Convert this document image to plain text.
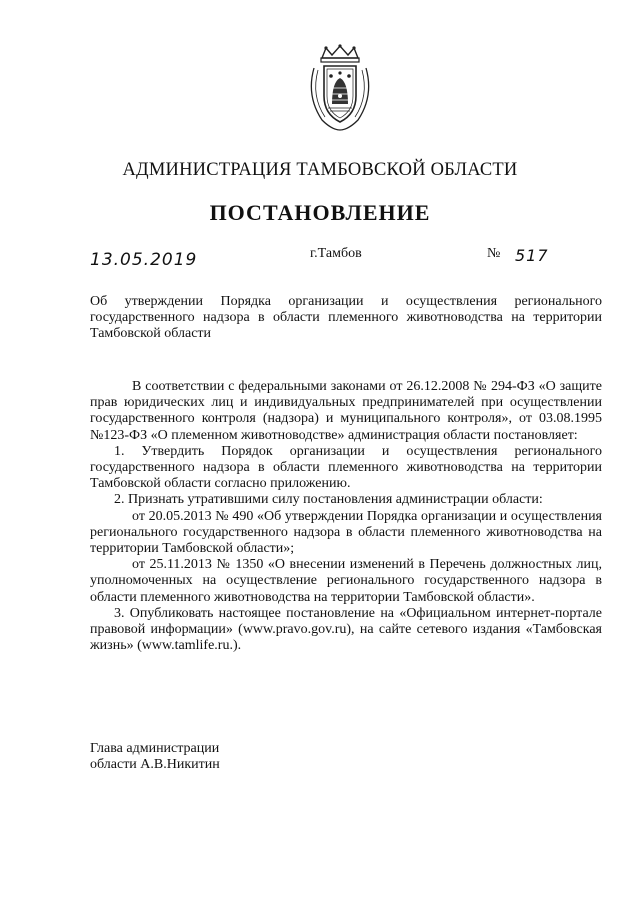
АДМИНИСТРАЦИЯ ТАМБОВСКОЙ ОБЛАСТИ
ПОСТАНОВЛЕНИЕ
13.05.2019	г.Тамбов	№ 517

Об утверждении Порядка организации и осуществления регионального государственного надзора в области племенного животноводства на территории Тамбовской области

В соответствии с федеральными законами от 26.12.2008 № 294-ФЗ «О защите прав юридических лиц и индивидуальных предпринимателей при осуществлении государственного контроля (надзора) и муниципального контроля», от 03.08.1995 №123-ФЗ «О племенном животноводстве» администрация области постановляет:

1. Утвердить Порядок организации и осуществления регионального государственного надзора в области племенного животноводства на территории Тамбовской области согласно приложению.

2. Признать утратившими силу постановления администрации области:

от 20.05.2013 № 490 «Об утверждении Порядка организации и осуществления регионального государственного надзора в области племенного животноводства на территории Тамбовской области»;

от 25.11.2013 № 1350 «О внесении изменений в Перечень должностных лиц, уполномоченных на осуществление регионального государственного надзора в области племенного животноводства на территории Тамбовской области».

3. Опубликовать настоящее постановление на «Официальном интернет-портале правовой информации» (www.pravo.gov.ru), на сайте сетевого издания «Тамбовская жизнь» (www.tamlife.ru.).

Глава администрации
области А.В.Никитин
